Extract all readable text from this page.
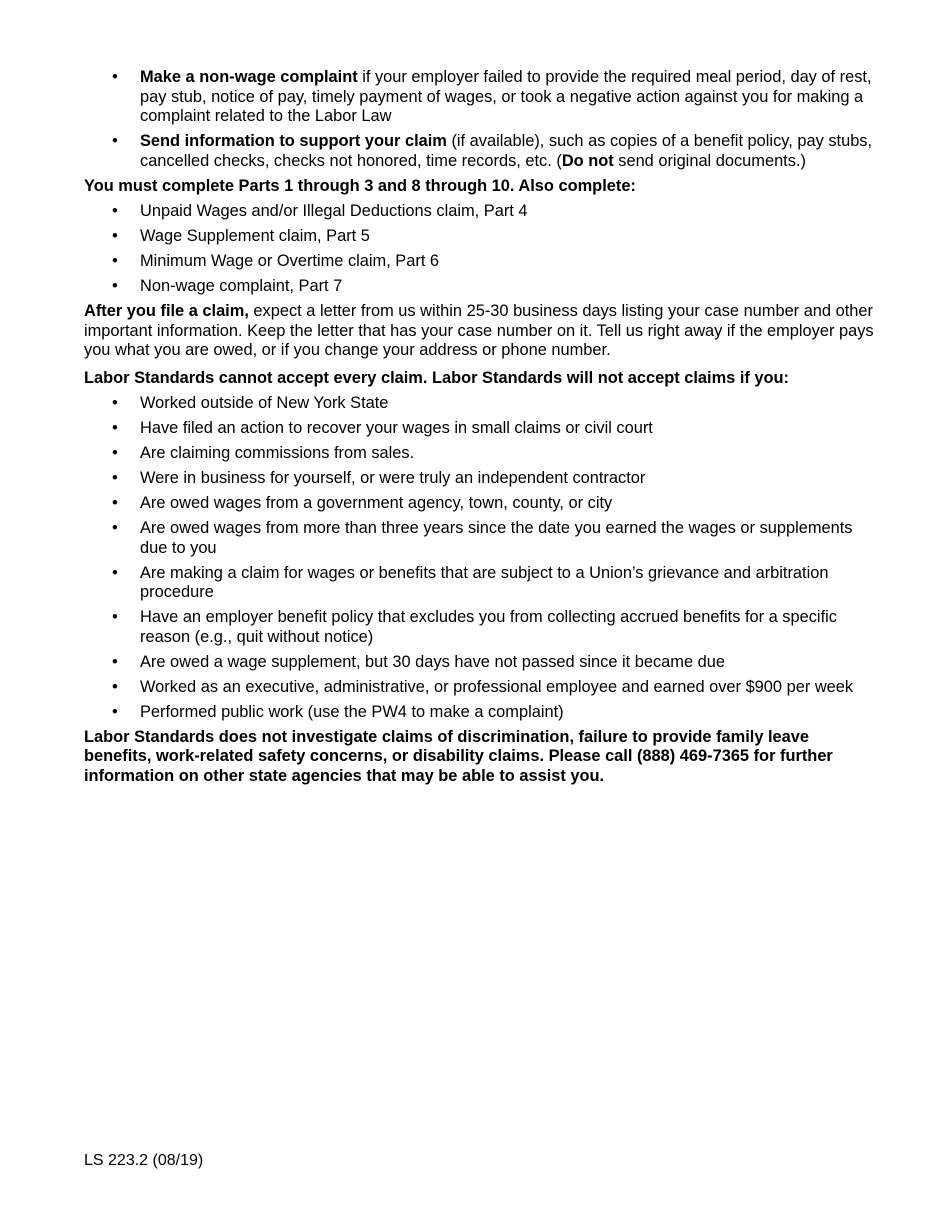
• Make a non-wage complaint if your employer failed to provide the required meal period, day of rest, pay stub, notice of pay, timely payment of wages, or took a negative action against you for making a complaint related to the Labor Law
• Send information to support your claim (if available), such as copies of a benefit policy, pay stubs, cancelled checks, checks not honored, time records, etc. (Do not send original documents.)
You must complete Parts 1 through 3 and 8 through 10. Also complete:
• Unpaid Wages and/or Illegal Deductions claim, Part 4
• Wage Supplement claim, Part 5
• Minimum Wage or Overtime claim, Part 6
• Non-wage complaint, Part 7

After you file a claim, expect a letter from us within 25-30 business days listing your case number and other important information. Keep the letter that has your case number on it. Tell us right away if the employer pays you what you are owed, or if you change your address or phone number.

Labor Standards cannot accept every claim. Labor Standards will not accept claims if you:
• Worked outside of New York State
• Have filed an action to recover your wages in small claims or civil court
• Are claiming commissions from sales.
• Were in business for yourself, or were truly an independent contractor
• Are owed wages from a government agency, town, county, or city
• Are owed wages from more than three years since the date you earned the wages or supplements due to you
• Are making a claim for wages or benefits that are subject to a Union’s grievance and arbitration procedure
• Have an employer benefit policy that excludes you from collecting accrued benefits for a specific reason (e.g., quit without notice)
• Are owed a wage supplement, but 30 days have not passed since it became due
• Worked as an executive, administrative, or professional employee and earned over $900 per week
• Performed public work (use the PW4 to make a complaint)
Labor Standards does not investigate claims of discrimination, failure to provide family leave benefits, work-related safety concerns, or disability claims. Please call (888) 469-7365 for further information on other state agencies that may be able to assist you.
LS 223.2 (08/19)
